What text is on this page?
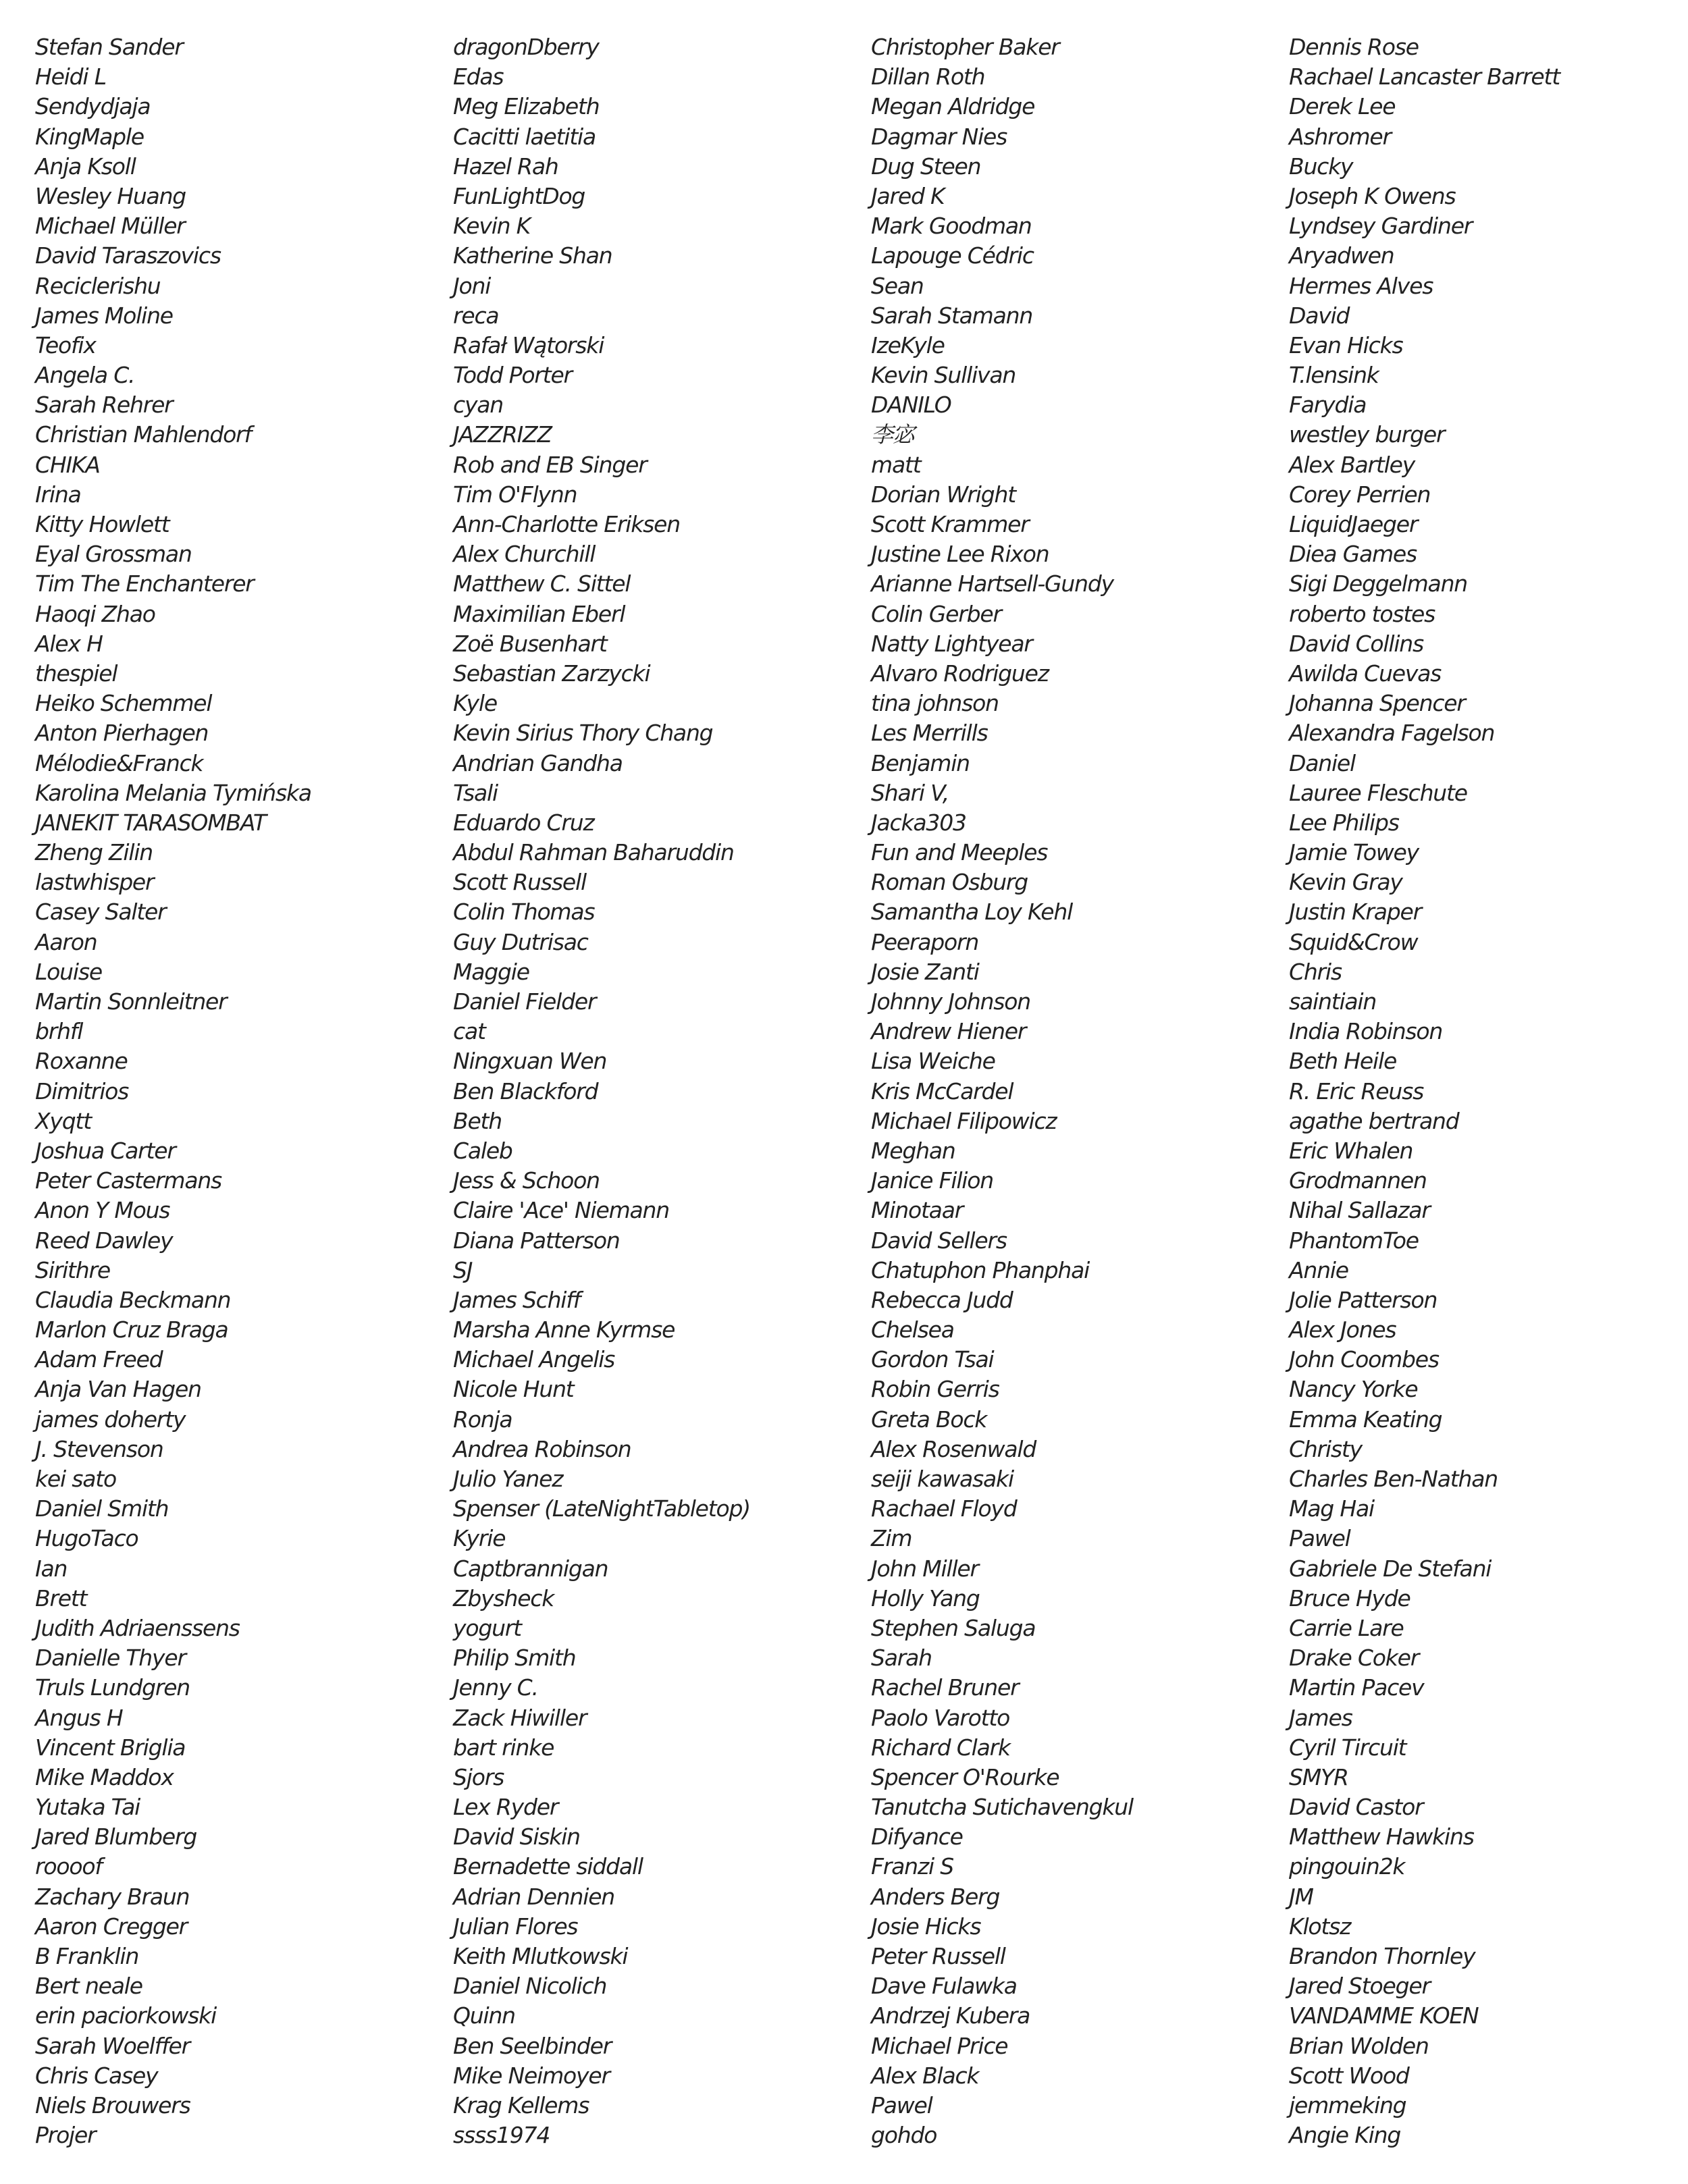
Stefan Sander
Heidi L
Sendydjaja
KingMaple
Anja Ksoll
Wesley Huang
Michael Müller
David Taraszovics
Reciclerishu
James Moline
Teofix
Angela C.
Sarah Rehrer
Christian Mahlendorf
CHIKA
Irina
Kitty Howlett
Eyal Grossman
Tim The Enchanterer
Haoqi Zhao
Alex H
thespiel
Heiko Schemmel
Anton Pierhagen
Mélodie&Franck
Karolina Melania Tymińska
JANEKIT TARASOMBAT
Zheng Zilin
lastwhisper
Casey Salter
Aaron
Louise
Martin Sonnleitner
brhfl
Roxanne
Dimitrios
Xyqtt
Joshua Carter
Peter Castermans
Anon Y Mous
Reed Dawley
Sirithre
Claudia Beckmann
Marlon Cruz Braga
Adam Freed
Anja Van Hagen
james doherty
J. Stevenson
kei sato
Daniel Smith
HugoTaco
Ian
Brett
Judith Adriaenssens
Danielle Thyer
Truls Lundgren
Angus H
Vincent Briglia
Mike Maddox
Yutaka Tai
Jared Blumberg
roooof
Zachary Braun
Aaron Cregger
B Franklin
Bert neale
erin paciorkowski
Sarah Woelffer
Chris Casey
Niels Brouwers
Projer
dragonDberry
Edas
Meg Elizabeth
Cacitti laetitia
Hazel Rah
FunLightDog
Kevin K
Katherine Shan
Joni
reca
Rafał Wątorski
Todd Porter
cyan
JAZZRIZZ
Rob and EB Singer
Tim O'Flynn
Ann-Charlotte Eriksen
Alex Churchill
Matthew C. Sittel
Maximilian Eberl
Zoë Busenhart
Sebastian Zarzycki
Kyle
Kevin Sirius Thory Chang
Andrian Gandha
Tsali
Eduardo Cruz
Abdul Rahman Baharuddin
Scott Russell
Colin Thomas
Guy Dutrisac
Maggie
Daniel Fielder
cat
Ningxuan Wen
Ben Blackford
Beth
Caleb
Jess & Schoon
Claire 'Ace' Niemann
Diana Patterson
SJ
James Schiff
Marsha Anne Kyrmse
Michael Angelis
Nicole Hunt
Ronja
Andrea Robinson
Julio Yanez
Spenser (LateNightTabletop)
Kyrie
Captbrannigan
Zbysheck
yogurt
Philip Smith
Jenny C.
Zack Hiwiller
bart rinke
Sjors
Lex Ryder
David Siskin
Bernadette siddall
Adrian Dennien
Julian Flores
Keith Mlutkowski
Daniel Nicolich
Quinn
Ben Seelbinder
Mike Neimoyer
Krag Kellems
ssss1974
Christopher Baker
Dillan Roth
Megan Aldridge
Dagmar Nies
Dug Steen
Jared K
Mark Goodman
Lapouge Cédric
Sean
Sarah Stamann
IzeKyle
Kevin Sullivan
DANILO
李宓
matt
Dorian Wright
Scott Krammer
Justine Lee Rixon
Arianne Hartsell-Gundy
Colin Gerber
Natty Lightyear
Alvaro Rodriguez
tina johnson
Les Merrills
Benjamin
Shari V,
Jacka303
Fun and Meeples
Roman Osburg
Samantha Loy Kehl
Peeraporn
Josie Zanti
Johnny Johnson
Andrew Hiener
Lisa Weiche
Kris McCardel
Michael Filipowicz
Meghan
Janice Filion
Minotaar
David Sellers
Chatuphon Phanphai
Rebecca Judd
Chelsea
Gordon Tsai
Robin Gerris
Greta Bock
Alex Rosenwald
seiji kawasaki
Rachael Floyd
Zim
John Miller
Holly Yang
Stephen Saluga
Sarah
Rachel Bruner
Paolo Varotto
Richard Clark
Spencer O'Rourke
Tanutcha Sutichavengkul
Difyance
Franzi S
Anders Berg
Josie Hicks
Peter Russell
Dave Fulawka
Andrzej Kubera
Michael Price
Alex Black
Pawel
gohdo
Dennis Rose
Rachael Lancaster Barrett
Derek Lee
Ashromer
Bucky
Joseph K Owens
Lyndsey Gardiner
Aryadwen
Hermes Alves
David
Evan Hicks
T.lensink
Farydia
westley burger
Alex Bartley
Corey Perrien
LiquidJaeger
Diea Games
Sigi Deggelmann
roberto tostes
David Collins
Awilda Cuevas
Johanna Spencer
Alexandra Fagelson
Daniel
Lauree Fleschute
Lee Philips
Jamie Towey
Kevin Gray
Justin Kraper
Squid&Crow
Chris
saintiain
India Robinson
Beth Heile
R. Eric Reuss
agathe bertrand
Eric Whalen
Grodmannen
Nihal Sallazar
PhantomToe
Annie
Jolie Patterson
Alex Jones
John Coombes
Nancy Yorke
Emma Keating
Christy
Charles Ben-Nathan
Mag Hai
Pawel
Gabriele De Stefani
Bruce Hyde
Carrie Lare
Drake Coker
Martin Pacev
James
Cyril Tircuit
SMYR
David Castor
Matthew Hawkins
pingouin2k
JM
Klotsz
Brandon Thornley
Jared Stoeger
VANDAMME KOEN
Brian Wolden
Scott Wood
jemmeking
Angie King
